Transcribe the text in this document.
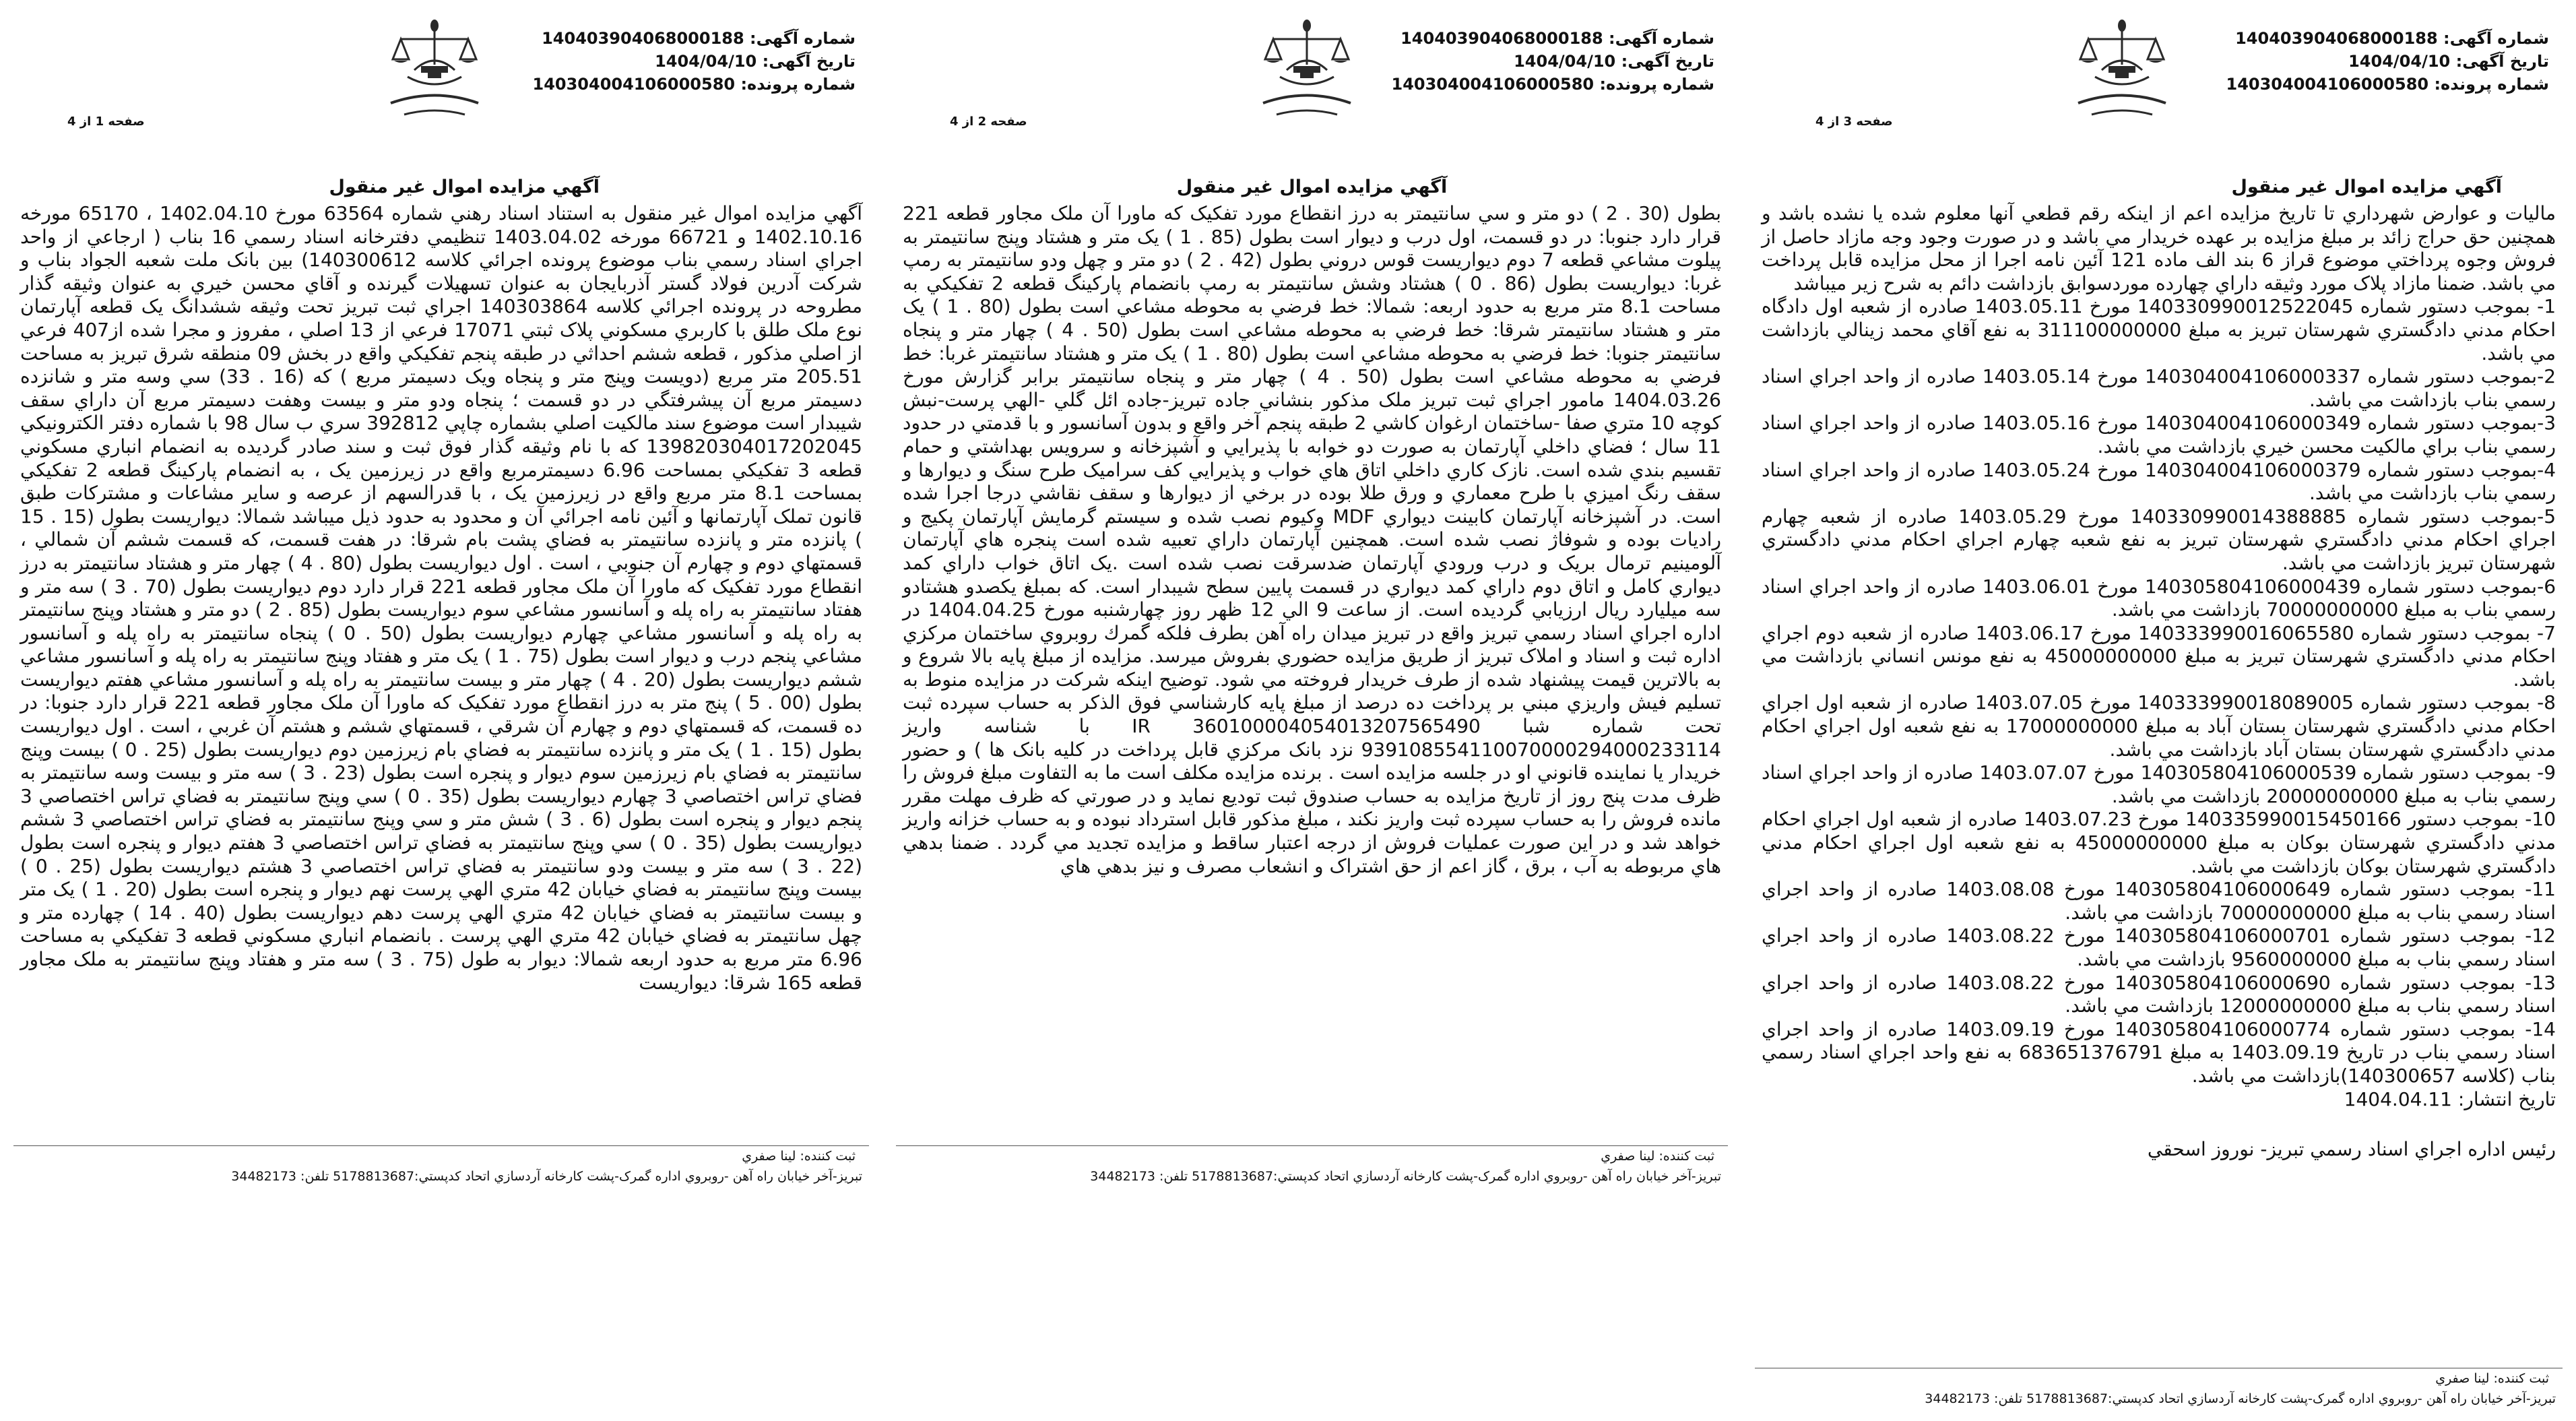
شماره آگهی: 140403904068000188
تاریخ آگهی: 1404/04/10
شماره پرونده: 140304004106000580
صفحه 3 از 4
آگهي مزايده اموال غير منقول

ماليات و عوارض شهرداري تا تاريخ مزايده اعم از اينكه رقم قطعي آنها معلوم شده يا نشده باشد و همچنين حق حراج زائد بر مبلغ مزايده بر عهده خريدار مي باشد و در صورت وجود وجه مازاد حاصل از فروش وجوه پرداختي موضوع قراز 6 بند الف ماده 121 آئين نامه اجرا از محل مزايده قابل پرداخت مي باشد. ضمنا مازاد پلاک مورد وثيقه داراي چهارده موردسوابق بازداشت دائم به شرح زير ميباشد

1- بموجب دستور شماره 140330990012522045 مورخ 1403.05.11 صادره از شعبه اول دادگاه احكام مدني دادگستري شهرستان تبريز به مبلغ 311100000000 به نفع آقاي محمد زينالي بازداشت مي باشد.

2-بموجب دستور شماره 140304004106000337 مورخ 1403.05.14 صادره از واحد اجراي اسناد رسمي بناب بازداشت مي باشد.

3-بموجب دستور شماره 140304004106000349 مورخ 1403.05.16 صادره از واحد اجراي اسناد رسمي بناب براي مالکيت محسن خيري بازداشت مي باشد.

4-بموجب دستور شماره 140304004106000379 مورخ 1403.05.24 صادره از واحد اجراي اسناد رسمي بناب بازداشت مي باشد.

5-بموجب دستور شماره 140330990014388885 مورخ 1403.05.29 صادره از شعبه چهارم اجراي احكام مدني دادگستري شهرستان تبريز به نفع شعبه چهارم اجراي احكام مدني دادگستري شهرستان تبريز بازداشت مي باشد.

6-بموجب دستور شماره 140305804106000439 مورخ 1403.06.01 صادره از واحد اجراي اسناد رسمي بناب به مبلغ 70000000000 بازداشت مي باشد.

7- بموجب دستور شماره 140333990016065580 مورخ 1403.06.17 صادره از شعبه دوم اجراي احكام مدني دادگستري شهرستان تبريز به مبلغ 45000000000 به نفع مونس انساني بازداشت مي باشد.

8- بموجب دستور شماره 140333990018089005 مورخ 1403.07.05 صادره از شعبه اول اجراي احكام مدني دادگستري شهرستان بستان آباد به مبلغ 17000000000 به نفع شعبه اول اجراي احكام مدني دادگستري شهرستان بستان آباد بازداشت مي باشد.

9- بموجب دستور شماره 140305804106000539 مورخ 1403.07.07 صادره از واحد اجراي اسناد رسمي بناب به مبلغ 20000000000 بازداشت مي باشد.

10- بموجب دستور 140335990015450166 مورخ 1403.07.23 صادره از شعبه اول اجراي احكام مدني دادگستري شهرستان بوكان به مبلغ 45000000000 به نفع شعبه اول اجراي احكام مدني دادگستري شهرستان بوكان بازداشت مي باشد.

11- بموجب دستور شماره 140305804106000649 مورخ 1403.08.08 صادره از واحد اجراي اسناد رسمي بناب به مبلغ 70000000000 بازداشت مي باشد.

12- بموجب دستور شماره 140305804106000701 مورخ 1403.08.22 صادره از واحد اجراي اسناد رسمي بناب به مبلغ 9560000000 بازداشت مي باشد.

13- بموجب دستور شماره 140305804106000690 مورخ 1403.08.22 صادره از واحد اجراي اسناد رسمي بناب به مبلغ 12000000000 بازداشت مي باشد.

14- بموجب دستور شماره 140305804106000774 مورخ 1403.09.19 صادره از واحد اجراي اسناد رسمي بناب در تاريخ 1403.09.19 به مبلغ 683651376791 به نفع واحد اجراي اسناد رسمي بناب (كلاسه 140300657)بازداشت مي باشد.

تاريخ انتشار: 1404.04.11

رئيس اداره اجراي اسناد رسمي تبريز- نوروز اسحقي

ثبت كننده: لينا صفري
تبريز-آخر خيابان راه آهن -روبروي اداره گمرک-پشت كارخانه آردسازي اتحاد كدپستي:5178813687 تلفن: 34482173
شماره آگهی: 140403904068000188
تاریخ آگهی: 1404/04/10
شماره پرونده: 140304004106000580
صفحه 2 از 4
آگهي مزايده اموال غير منقول

بطول (30 . 2 ) دو متر و سي سانتيمتر به درز انقطاع مورد تفكيک كه ماورا آن ملک مجاور قطعه 221 قرار دارد جنوبا: در دو قسمت، اول درب و ديوار است بطول (85 . 1 ) يک متر و هشتاد وپنج سانتيمتر به پيلوت مشاعي قطعه 7 دوم ديواريست قوس دروني بطول (42 . 2 ) دو متر و چهل ودو سانتيمتر به رمپ غربا: ديواريست بطول (86 . 0 ) هشتاد وشش سانتيمتر به رمپ بانضمام پاركينگ قطعه 2 تفكيكي به مساحت 8.1 متر مربع به حدود اربعه: شمالا: خط فرضي به محوطه مشاعي است بطول (80 . 1 ) يک متر و هشتاد سانتيمتر شرقا: خط فرضي به محوطه مشاعي است بطول (50 . 4 ) چهار متر و پنجاه سانتيمتر جنوبا: خط فرضي به محوطه مشاعي است بطول (80 . 1 ) يک متر و هشتاد سانتيمتر غربا: خط فرضي به محوطه مشاعي است بطول (50 . 4 ) چهار متر و پنجاه سانتيمتر برابر گزارش مورخ 1404.03.26 مامور اجراي ثبت تبريز ملک مذكور بنشاني جاده تبريز-جاده ائل گلي -الهي پرست-نبش كوچه 10 متري صفا -ساختمان ارغوان كاشي 2 طبقه پنجم آخر واقع و بدون آسانسور و با قدمتي در حدود 11 سال ؛ فضاي داخلي آپارتمان به صورت دو خوابه با پذيرايي و آشپزخانه و سرويس بهداشتي و حمام تقسيم بندي شده است. نازک كاري داخلي اتاق هاي خواب و پذيرايي كف سراميک طرح سنگ و ديوارها و سقف رنگ اميزي با طرح معماري و ورق طلا بوده در برخي از ديوارها و سقف نقاشي درجا اجرا شده است. در آشپزخانه آپارتمان كابينت ديواري MDF وكيوم نصب شده و سيستم گرمايش آپارتمان پكيج و راديات بوده و شوفاژ نصب شده است. همچنين آپارتمان داراي تعبيه شده است پنجره هاي آپارتمان آلومينيم ترمال بريک و درب ورودي آپارتمان ضدسرقت نصب شده است .يک اتاق خواب داراي كمد ديواري كامل و اتاق دوم داراي كمد ديواري در قسمت پايين سطح شيبدار است. كه بمبلغ يكصدو هشتادو سه ميليارد ريال ارزيابي گرديده است. از ساعت 9 الي 12 ظهر روز چهارشنبه مورخ 1404.04.25 در اداره اجراي اسناد رسمي تبريز واقع در تبريز ميدان راه آهن بطرف فلكه گمرك روبروي ساختمان مركزي اداره ثبت و اسناد و املاک تبريز از طريق مزايده حضوري بفروش ميرسد. مزايده از مبلغ پايه بالا شروع و به بالاترين قيمت پيشنهاد شده از طرف خريدار فروخته مي شود. توضيح اينكه شركت در مزايده منوط به تسليم فيش واريزي مبني بر پرداخت ده درصد از مبلغ پايه كارشناسي فوق الذكر به حساب سپرده ثبت تحت شماره شبا IR 360100004054013207565490 با شناسه واريز 939108554110070000294000233114 نزد بانک مركزي قابل پرداخت در كليه بانک ها ) و حضور خريدار يا نماينده قانوني او در جلسه مزايده است . برنده مزايده مكلف است ما به التفاوت مبلغ فروش را ظرف مدت پنج روز از تاريخ مزايده به حساب صندوق ثبت توديع نمايد و در صورتي كه ظرف مهلت مقرر مانده فروش را به حساب سپرده ثبت واريز نكند ، مبلغ مذكور قابل استرداد نبوده و به حساب خزانه واريز خواهد شد و در اين صورت عمليات فروش از درجه اعتبار ساقط و مزايده تجديد مي گردد . ضمنا بدهي هاي مربوطه به آب ، برق ، گاز اعم از حق اشتراک و انشعاب مصرف و نيز بدهي هاي

ثبت كننده: لينا صفري
تبريز-آخر خيابان راه آهن -روبروي اداره گمرک-پشت كارخانه آردسازي اتحاد كدپستي:5178813687 تلفن: 34482173
شماره آگهی: 140403904068000188
تاریخ آگهی: 1404/04/10
شماره پرونده: 140304004106000580
صفحه 1 از 4
آگهي مزايده اموال غير منقول

آگهي مزايده اموال غير منقول به استناد اسناد رهني شماره 63564 مورخ 1402.04.10 ، 65170 مورخه 1402.10.16 و 66721 مورخه 1403.04.02 تنظيمي دفترخانه اسناد رسمي 16 بناب ( ارجاعي از واحد اجراي اسناد رسمي بناب موضوع پرونده اجرائي كلاسه 140300612) بين بانک ملت شعبه الجواد بناب و شركت آدرين فولاد گستر آذربايجان به عنوان تسهيلات گيرنده و آقاي محسن خيري به عنوان وثيقه گذار مطروحه در پرونده اجرائي كلاسه 140303864 اجراي ثبت تبريز تحت وثيقه ششدانگ يک قطعه آپارتمان نوع ملک طلق با كاربري مسكوني پلاک ثبتي 17071 فرعي از 13 اصلي ، مفروز و مجرا شده از407 فرعي از اصلي مذكور ، قطعه ششم احداثي در طبقه پنجم تفكيكي واقع در بخش 09 منطقه شرق تبريز به مساحت 205.51 متر مربع (دويست وپنج متر و پنجاه ويک دسيمتر مربع ) كه (16 . 33) سي وسه متر و شانزده دسيمتر مربع آن پيشرفتگي در دو قسمت ؛ پنجاه ودو متر و بيست وهفت دسيمتر مربع آن داراي سقف شيبدار است موضوع سند مالكيت اصلي بشماره چاپي 392812 سري ب سال 98 با شماره دفتر الكترونيكي 139820304017202045 كه با نام وثيقه گذار فوق ثبت و سند صادر گرديده به انضمام انباري مسكوني قطعه 3 تفكيكي بمساحت 6.96 دسيمترمربع واقع در زيرزمين يک ، به انضمام پاركينگ قطعه 2 تفكيكي بمساحت 8.1 متر مربع واقع در زيرزمين يک ، با قدرالسهم از عرصه و ساير مشاعات و مشتركات طبق قانون تملک آپارتمانها و آئين نامه اجرائي آن و محدود به حدود ذيل ميباشد شمالا: ديواريست بطول (15 . 15 ) پانزده متر و پانزده سانتيمتر به فضاي پشت بام شرقا: در هفت قسمت، كه قسمت ششم آن شمالي ، قسمتهاي دوم و چهارم آن جنوبي ، است . اول ديواريست بطول (80 . 4 ) چهار متر و هشتاد سانتيمتر به درز انقطاع مورد تفكيک كه ماورا آن ملک مجاور قطعه 221 قرار دارد دوم ديواريست بطول (70 . 3 ) سه متر و هفتاد سانتيمتر به راه پله و آسانسور مشاعي سوم ديواريست بطول (85 . 2 ) دو متر و هشتاد وپنج سانتيمتر به راه پله و آسانسور مشاعي چهارم ديواريست بطول (50 . 0 ) پنجاه سانتيمتر به راه پله و آسانسور مشاعي پنجم درب و ديوار است بطول (75 . 1 ) يک متر و هفتاد وپنج سانتيمتر به راه پله و آسانسور مشاعي ششم ديواريست بطول (20 . 4 ) چهار متر و بيست سانتيمتر به راه پله و آسانسور مشاعي هفتم ديواريست بطول (00 . 5 ) پنج متر به درز انقطاع مورد تفكيک كه ماورا آن ملک مجاور قطعه 221 قرار دارد جنوبا: در ده قسمت، كه قسمتهاي دوم و چهارم آن شرقي ، قسمتهاي ششم و هشتم آن غربي ، است . اول ديواريست بطول (15 . 1 ) يک متر و پانزده سانتيمتر به فضاي بام زيرزمين دوم ديواريست بطول (25 . 0 ) بيست وپنج سانتيمتر به فضاي بام زيرزمين سوم ديوار و پنجره است بطول (23 . 3 ) سه متر و بيست وسه سانتيمتر به فضاي تراس اختصاصي 3 چهارم ديواريست بطول (35 . 0 ) سي وپنج سانتيمتر به فضاي تراس اختصاصي 3 پنجم ديوار و پنجره است بطول (6 . 3 ) شش متر و سي وپنج سانتيمتر به فضاي تراس اختصاصي 3 ششم ديواريست بطول (35 . 0 ) سي وپنج سانتيمتر به فضاي تراس اختصاصي 3 هفتم ديوار و پنجره است بطول (22 . 3 ) سه متر و بيست ودو سانتيمتر به فضاي تراس اختصاصي 3 هشتم ديواريست بطول (25 . 0 ) بيست وپنج سانتيمتر به فضاي خيابان 42 متري الهي پرست نهم ديوار و پنجره است بطول (20 . 1 ) يک متر و بيست سانتيمتر به فضاي خيابان 42 متري الهي پرست دهم ديواريست بطول (40 . 14 ) چهارده متر و چهل سانتيمتر به فضاي خيابان 42 متري الهي پرست . بانضمام انباري مسكوني قطعه 3 تفكيكي به مساحت 6.96 متر مربع به حدود اربعه شمالا: ديوار به طول (75 . 3 ) سه متر و هفتاد وپنج سانتيمتر به ملک مجاور قطعه 165 شرقا: ديواريست

ثبت كننده: لينا صفري
تبريز-آخر خيابان راه آهن -روبروي اداره گمرک-پشت كارخانه آردسازي اتحاد كدپستي:5178813687 تلفن: 34482173
